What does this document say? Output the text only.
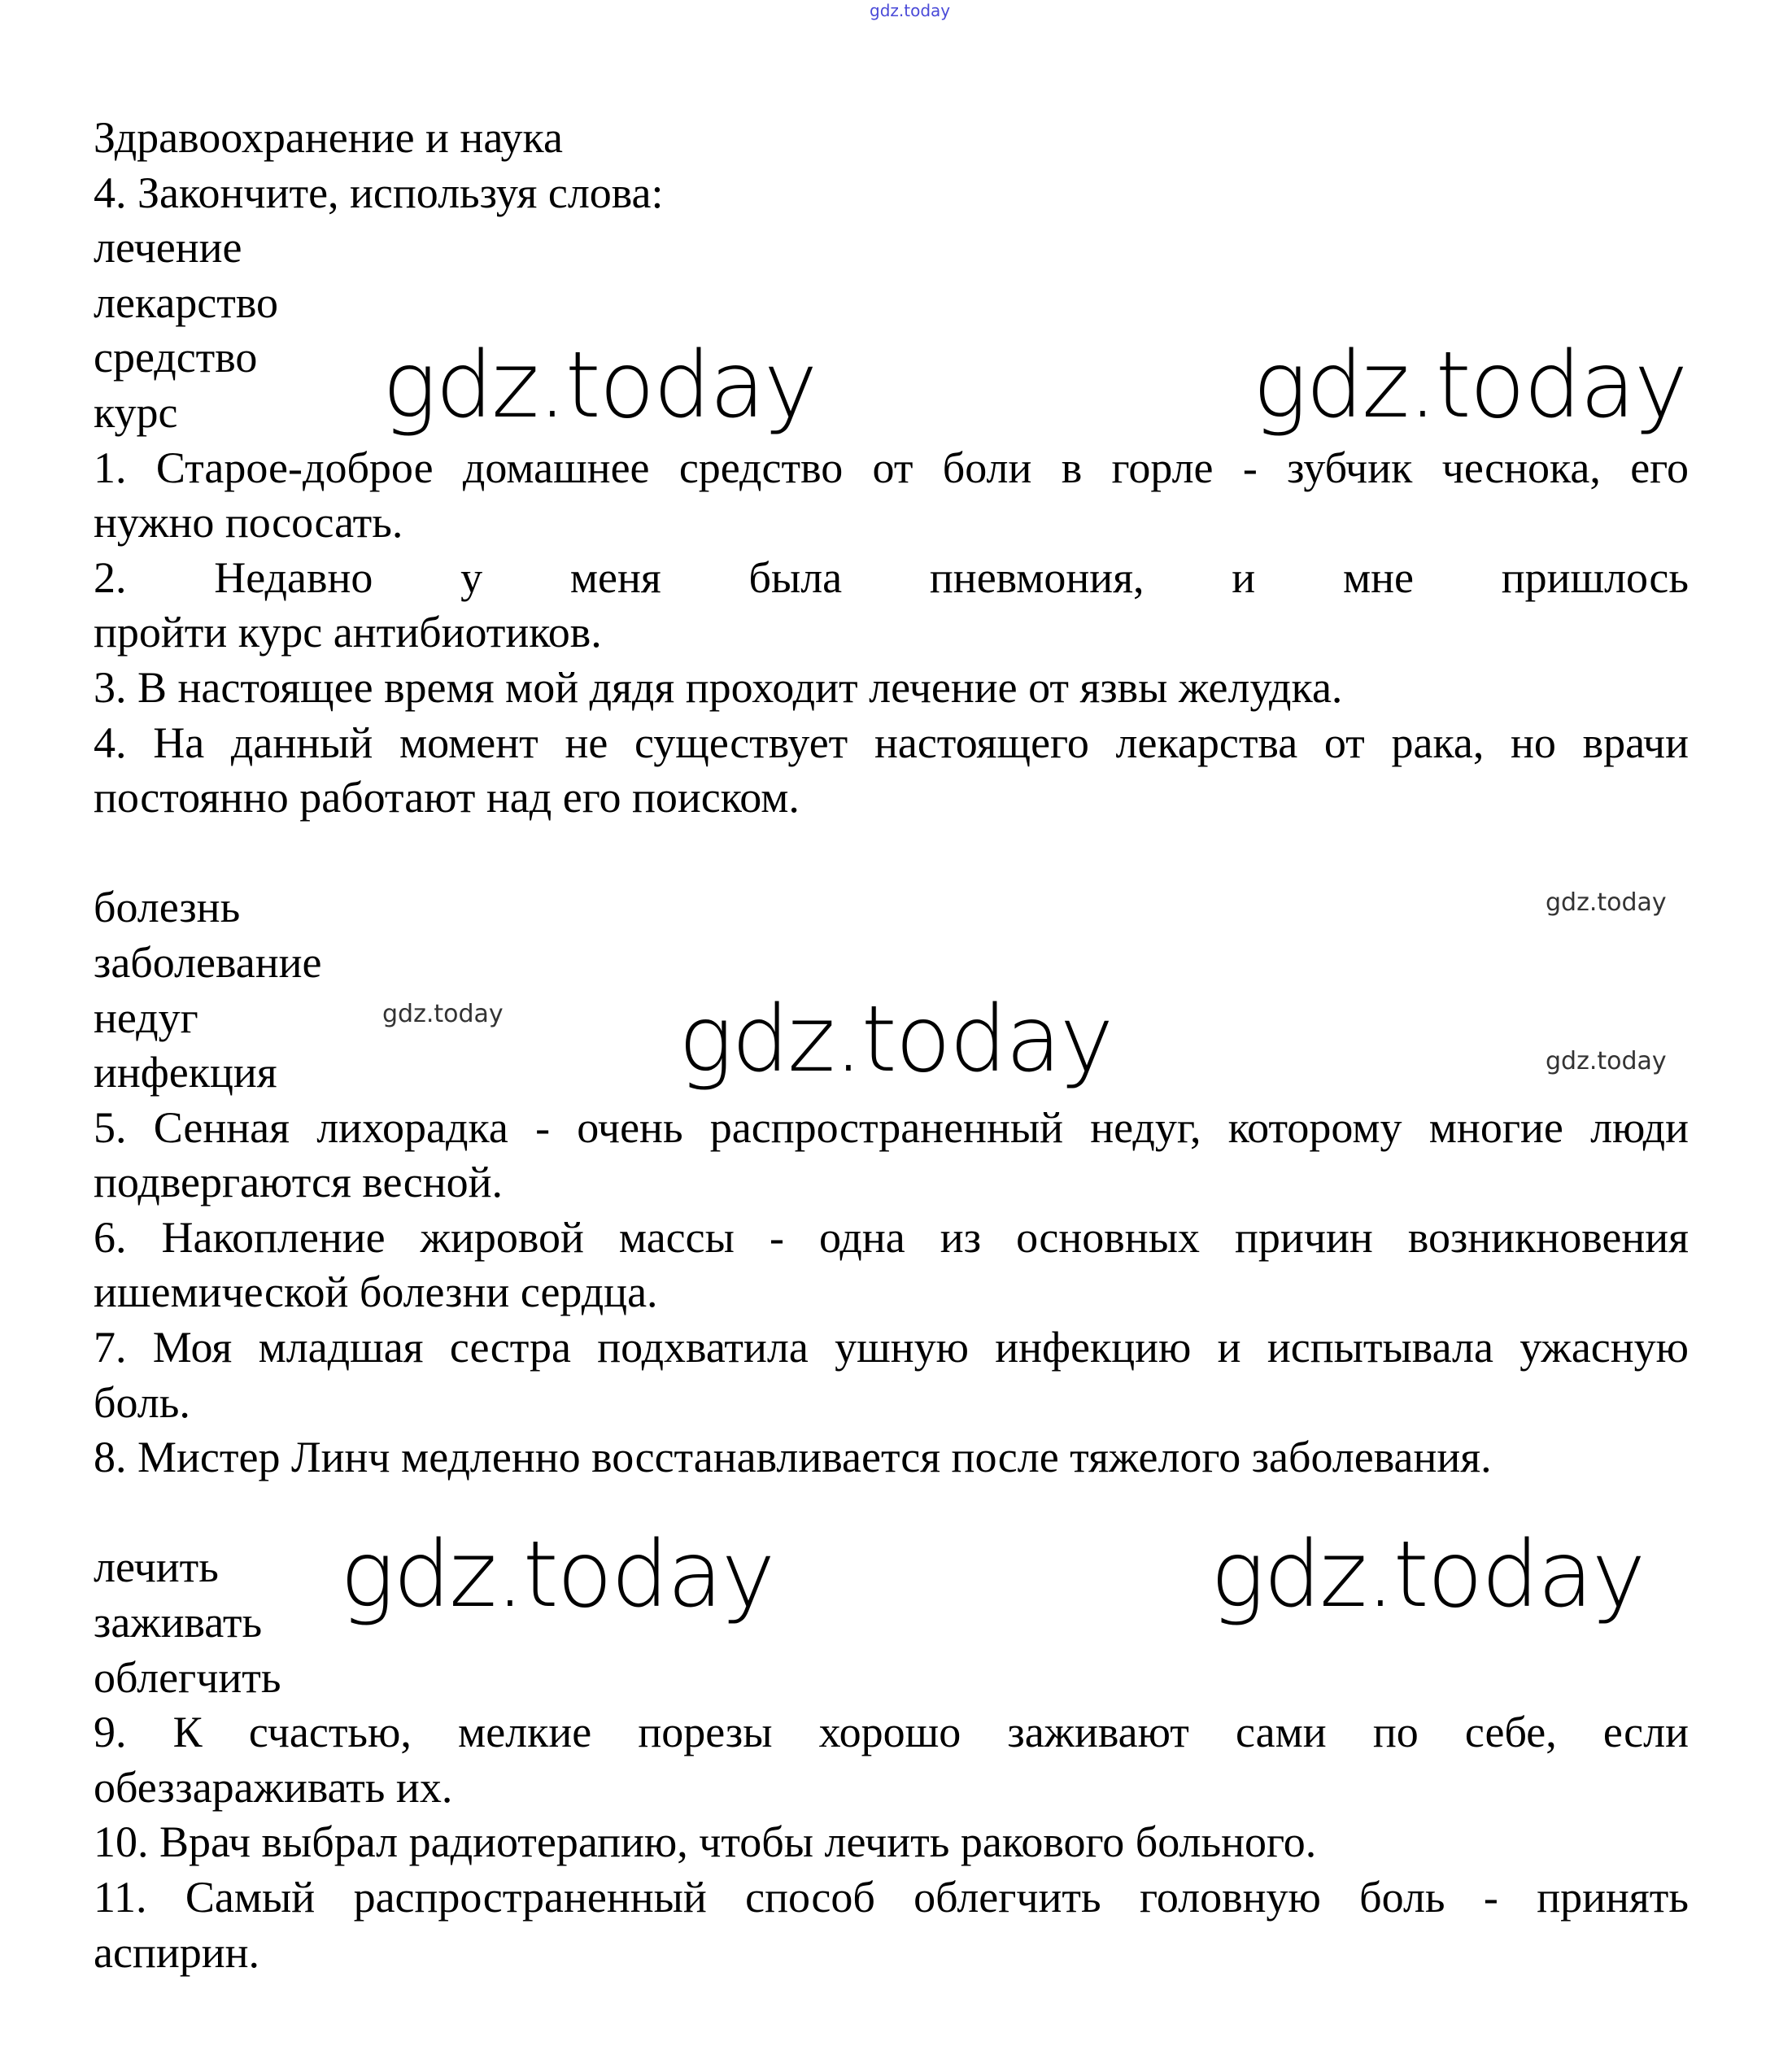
Здравоохранение и наука
4. Закончите, используя слова:
лечение
лекарство
средство
курс
1. Старое-доброе домашнее средство от боли в горле - зубчик чеснока, его
нужно пососать.
2. Недавно у меня была пневмония, и мне пришлось
пройти курс антибиотиков.
3. В настоящее время мой дядя проходит лечение от язвы желудка.
4. На данный момент не существует настоящего лекарства от рака, но врачи
постоянно работают над его поиском.
болезнь
заболевание
недуг
инфекция
5. Сенная лихорадка - очень распространенный недуг, которому многие люди
подвергаются весной.
6. Накопление жировой массы - одна из основных причин возникновения
ишемической болезни сердца.
7. Моя младшая сестра подхватила ушную инфекцию и испытывала ужасную
боль.
8. Мистер Линч медленно восстанавливается после тяжелого заболевания.
лечить
заживать
облегчить
9. К счастью, мелкие порезы хорошо заживают сами по себе, если
обеззараживать их.
10. Врач выбрал радиотерапию, чтобы лечить ракового больного.
11. Самый распространенный способ облегчить головную боль - принять
аспирин.
gdz.today
gdz.today	gdz.today
gdz.today
gdz.today	gdz.today
gdz.today
gdz.today
gdz.today
